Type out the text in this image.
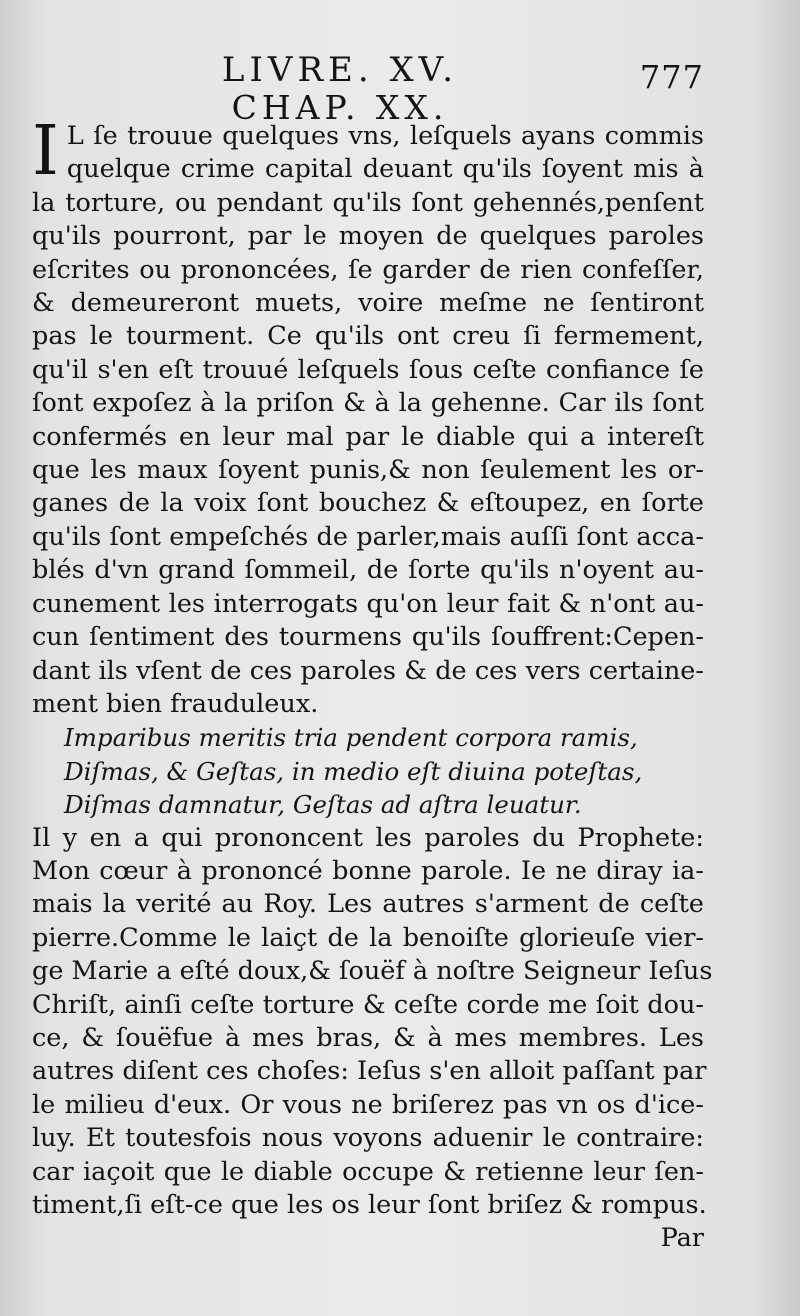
LIVRE. XV.	777
CHAP. XX.
I L ſe trouue quelques vns, leſquels ayans commis
quelque crime capital deuant qu'ils ſoyent mis à
la torture, ou pendant qu'ils ſont gehennés,penſent
qu'ils pourront, par le moyen de quelques paroles
eſcrites ou prononcées, ſe garder de rien confeſſer,
& demeureront muets, voire meſme ne ſentiront
pas le tourment. Ce qu'ils ont creu ſi fermement,
qu'il s'en eſt trouué leſquels ſous ceſte confiance ſe
ſont expoſez à la priſon & à la gehenne. Car ils ſont
confermés en leur mal par le diable qui a intereſt
que les maux ſoyent punis,& non ſeulement les or-
ganes de la voix ſont bouchez & eſtoupez, en ſorte
qu'ils ſont empeſchés de parler,mais auſſi ſont acca-
blés d'vn grand ſommeil, de ſorte qu'ils n'oyent au-
cunement les interrogats qu'on leur fait & n'ont au-
cun ſentiment des tourmens qu'ils ſouffrent:Cepen-
dant ils vſent de ces paroles & de ces vers certaine-
ment bien frauduleux.
Imparibus meritis tria pendent corpora ramis,
Diſmas, & Geſtas, in medio eſt diuina poteſtas,
Diſmas damnatur, Geſtas ad aſtra leuatur.
Il y en a qui prononcent les paroles du Prophete:
Mon cœur à prononcé bonne parole. Ie ne diray ia-
mais la verité au Roy. Les autres s'arment de ceſte
pierre.Comme le laiçt de la benoiſte glorieuſe vier-
ge Marie a eſté doux,& ſouëf à noſtre Seigneur Ieſus
Chriſt, ainſi ceſte torture & ceſte corde me ſoit dou-
ce, & ſouëfue à mes bras, & à mes membres. Les
autres diſent ces choſes: Ieſus s'en alloit paſſant par
le milieu d'eux. Or vous ne briſerez pas vn os d'ice-
luy. Et toutesfois nous voyons aduenir le contraire:
car iaçoit que le diable occupe & retienne leur ſen-
timent,ſi eſt-ce que les os leur ſont briſez & rompus.
Par
